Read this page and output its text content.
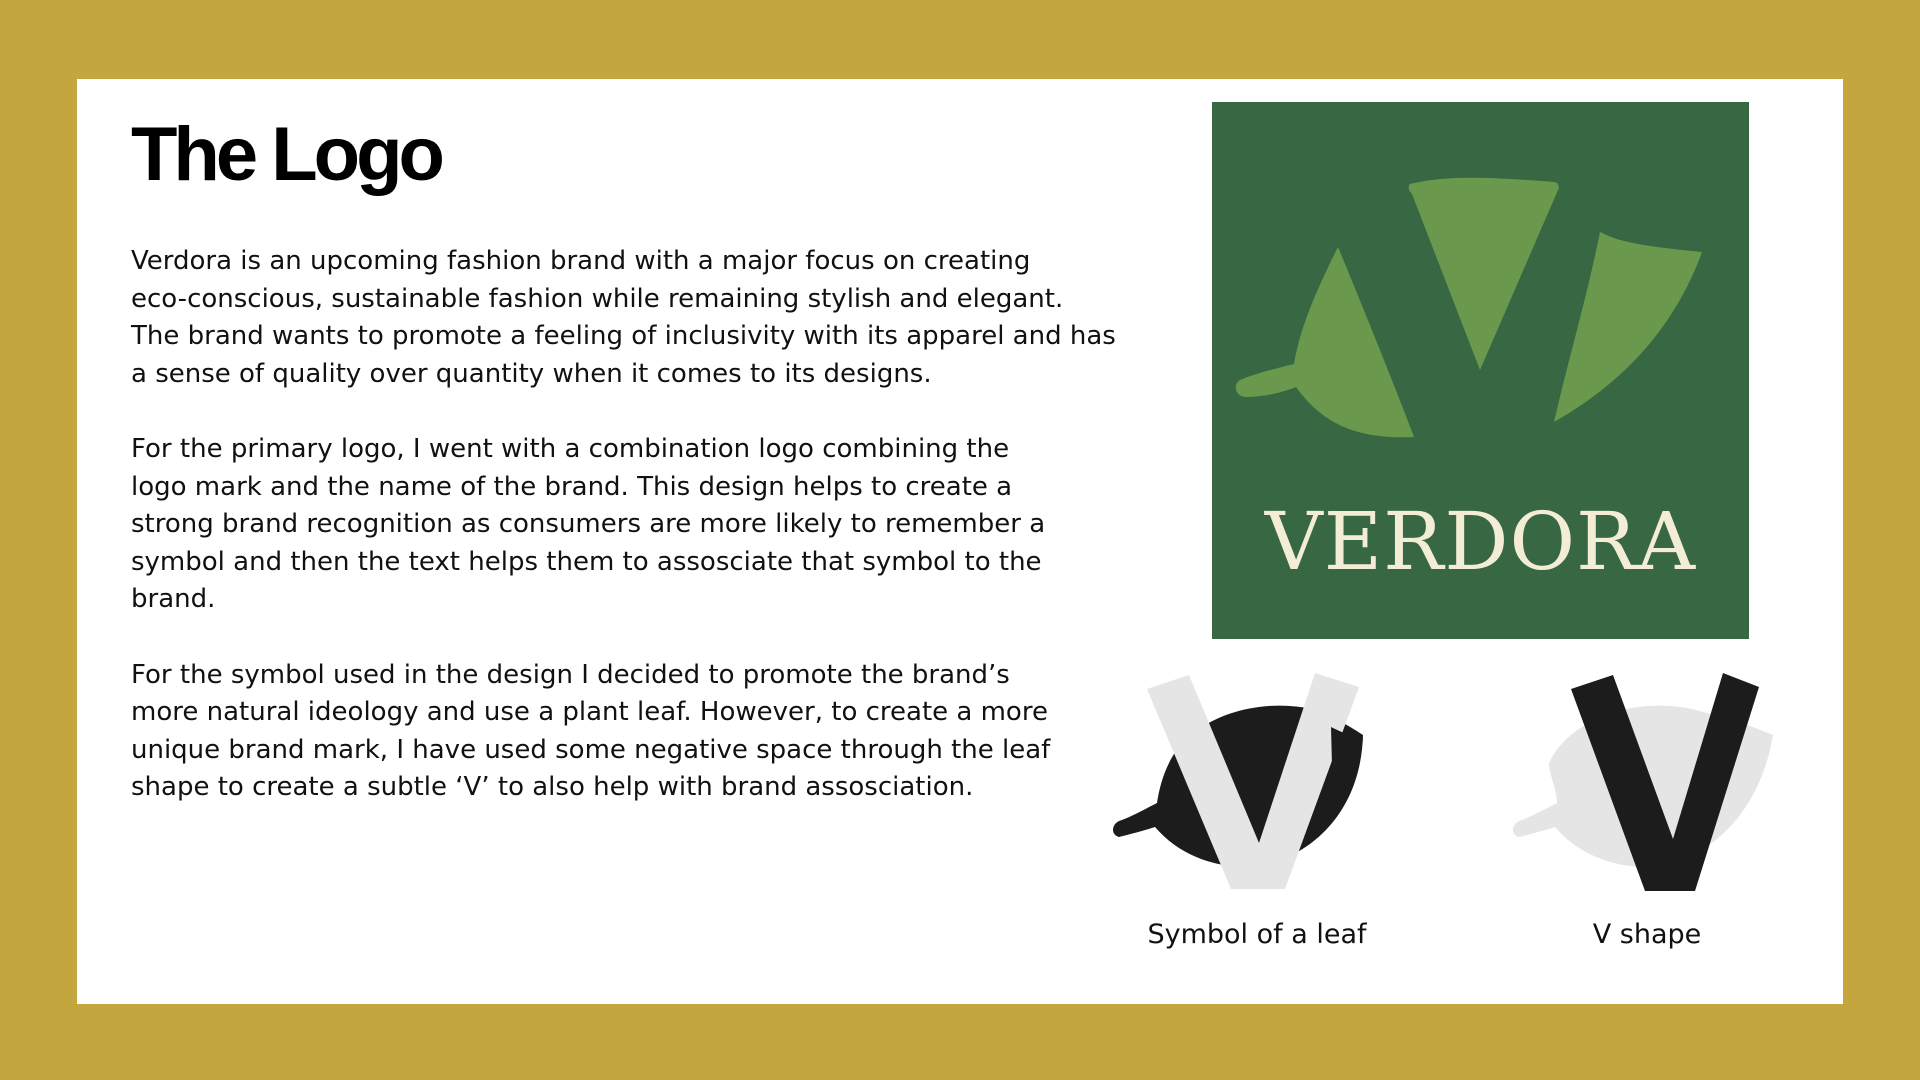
The Logo

Verdora is an upcoming fashion brand with a major focus on creating
eco-conscious, sustainable fashion while remaining stylish and elegant.
The brand wants to promote a feeling of inclusivity with its apparel and has
a sense of quality over quantity when it comes to its designs.

For the primary logo, I went with a combination logo combining the
logo mark and the name of the brand. This design helps to create a
strong brand recognition as consumers are more likely to remember a
symbol and then the text helps them to assosciate that symbol to the
brand.

For the symbol used in the design I decided to promote the brand’s
more natural ideology and use a plant leaf. However, to create a more
unique brand mark, I have used some negative space through the leaf
shape to create a subtle ‘V’ to also help with brand assosciation.

VERDORA

Symbol of a leaf	V shape
